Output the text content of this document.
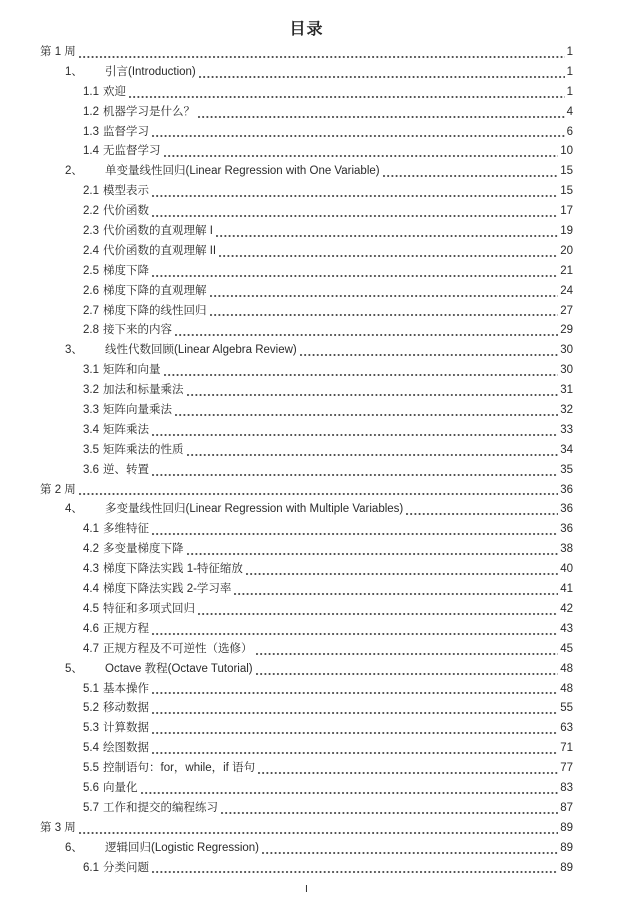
目录
第 1 周	1
1、	引言(Introduction)	1
1.1 欢迎	1
1.2 机器学习是什么？	4
1.3 监督学习	6
1.4 无监督学习	10
2、	单变量线性回归(Linear Regression with One Variable)	15
2.1 模型表示	15
2.2 代价函数	17
2.3 代价函数的直观理解 I	19
2.4 代价函数的直观理解 II	20
2.5 梯度下降	21
2.6 梯度下降的直观理解	24
2.7 梯度下降的线性回归	27
2.8 接下来的内容	29
3、	线性代数回顾(Linear Algebra Review)	30
3.1 矩阵和向量	30
3.2 加法和标量乘法	31
3.3 矩阵向量乘法	32
3.4 矩阵乘法	33
3.5 矩阵乘法的性质	34
3.6 逆、转置	35
第 2 周	36
4、	多变量线性回归(Linear Regression with Multiple Variables)	36
4.1 多维特征	36
4.2 多变量梯度下降	38
4.3 梯度下降法实践 1-特征缩放	40
4.4 梯度下降法实践 2-学习率	41
4.5 特征和多项式回归	42
4.6 正规方程	43
4.7 正规方程及不可逆性（选修）	45
5、	Octave 教程(Octave Tutorial)	48
5.1 基本操作	48
5.2 移动数据	55
5.3 计算数据	63
5.4 绘图数据	71
5.5 控制语句：for，while，if 语句	77
5.6 向量化	83
5.7 工作和提交的编程练习	87
第 3 周	89
6、	逻辑回归(Logistic Regression)	89
6.1 分类问题	89
I
